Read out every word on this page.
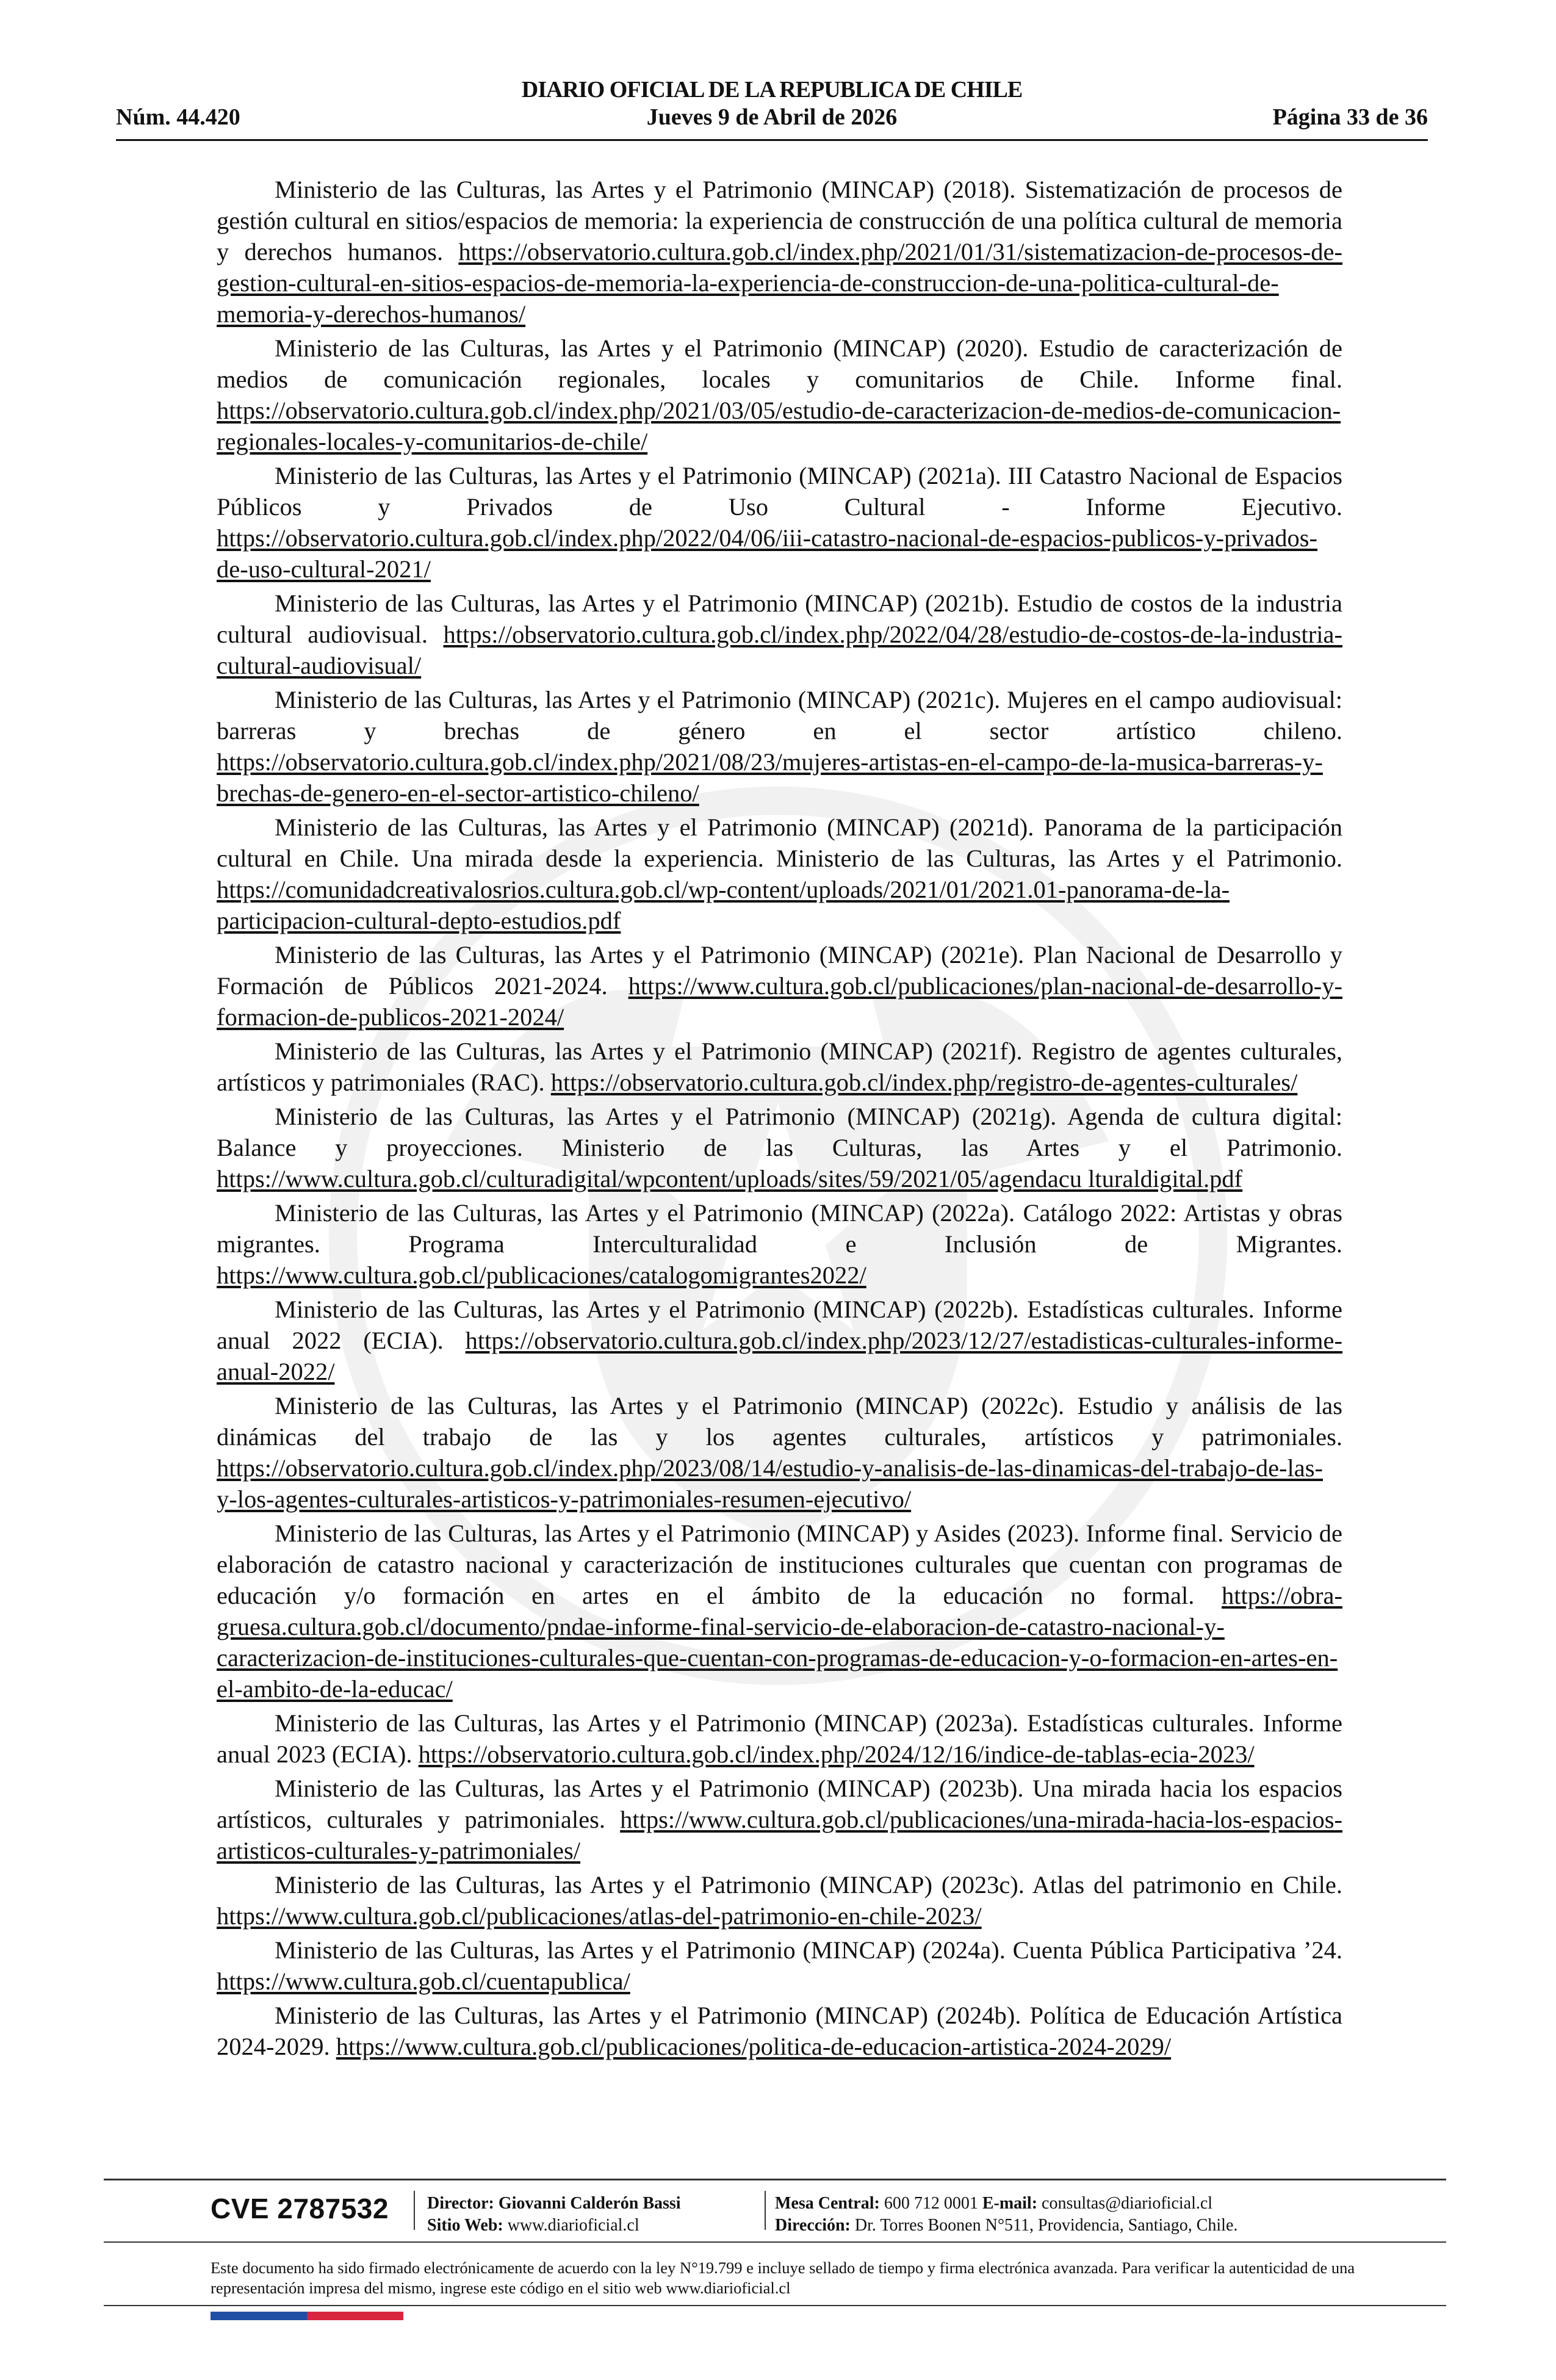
DIARIO OFICIAL DE LA REPUBLICA DE CHILE
Núm. 44.420	Jueves 9 de Abril de 2026	Página 33 de 36

Ministerio de las Culturas, las Artes y el Patrimonio (MINCAP) (2018). Sistematización de procesos de gestión cultural en sitios/espacios de memoria: la experiencia de construcción de una política cultural de memoria y derechos humanos. https://observatorio.cultura.gob.cl/index.php/2021/01/31/sistematizacion-de-procesos-de-gestion-cultural-en-sitios-espacios-de-memoria-la-experiencia-de-construccion-de-una-politica-cultural-de-memoria-y-derechos-humanos/

Ministerio de las Culturas, las Artes y el Patrimonio (MINCAP) (2020). Estudio de caracterización de medios de comunicación regionales, locales y comunitarios de Chile. Informe final. https://observatorio.cultura.gob.cl/index.php/2021/03/05/estudio-de-caracterizacion-de-medios-de-comunicacion-regionales-locales-y-comunitarios-de-chile/

Ministerio de las Culturas, las Artes y el Patrimonio (MINCAP) (2021a). III Catastro Nacional de Espacios Públicos y Privados de Uso Cultural - Informe Ejecutivo. https://observatorio.cultura.gob.cl/index.php/2022/04/06/iii-catastro-nacional-de-espacios-publicos-y-privados-de-uso-cultural-2021/

Ministerio de las Culturas, las Artes y el Patrimonio (MINCAP) (2021b). Estudio de costos de la industria cultural audiovisual. https://observatorio.cultura.gob.cl/index.php/2022/04/28/estudio-de-costos-de-la-industria-cultural-audiovisual/

Ministerio de las Culturas, las Artes y el Patrimonio (MINCAP) (2021c). Mujeres en el campo audiovisual: barreras y brechas de género en el sector artístico chileno. https://observatorio.cultura.gob.cl/index.php/2021/08/23/mujeres-artistas-en-el-campo-de-la-musica-barreras-y-brechas-de-genero-en-el-sector-artistico-chileno/

Ministerio de las Culturas, las Artes y el Patrimonio (MINCAP) (2021d). Panorama de la participación cultural en Chile. Una mirada desde la experiencia. Ministerio de las Culturas, las Artes y el Patrimonio. https://comunidadcreativalosrios.cultura.gob.cl/wp-content/uploads/2021/01/2021.01-panorama-de-la-participacion-cultural-depto-estudios.pdf

Ministerio de las Culturas, las Artes y el Patrimonio (MINCAP) (2021e). Plan Nacional de Desarrollo y Formación de Públicos 2021-2024. https://www.cultura.gob.cl/publicaciones/plan-nacional-de-desarrollo-y-formacion-de-publicos-2021-2024/

Ministerio de las Culturas, las Artes y el Patrimonio (MINCAP) (2021f). Registro de agentes culturales, artísticos y patrimoniales (RAC). https://observatorio.cultura.gob.cl/index.php/registro-de-agentes-culturales/

Ministerio de las Culturas, las Artes y el Patrimonio (MINCAP) (2021g). Agenda de cultura digital: Balance y proyecciones. Ministerio de las Culturas, las Artes y el Patrimonio. https://www.cultura.gob.cl/culturadigital/wpcontent/uploads/sites/59/2021/05/agendacu lturaldigital.pdf

Ministerio de las Culturas, las Artes y el Patrimonio (MINCAP) (2022a). Catálogo 2022: Artistas y obras migrantes. Programa Interculturalidad e Inclusión de Migrantes. https://www.cultura.gob.cl/publicaciones/catalogomigrantes2022/

Ministerio de las Culturas, las Artes y el Patrimonio (MINCAP) (2022b). Estadísticas culturales. Informe anual 2022 (ECIA). https://observatorio.cultura.gob.cl/index.php/2023/12/27/estadisticas-culturales-informe-anual-2022/

Ministerio de las Culturas, las Artes y el Patrimonio (MINCAP) (2022c). Estudio y análisis de las dinámicas del trabajo de las y los agentes culturales, artísticos y patrimoniales. https://observatorio.cultura.gob.cl/index.php/2023/08/14/estudio-y-analisis-de-las-dinamicas-del-trabajo-de-las-y-los-agentes-culturales-artisticos-y-patrimoniales-resumen-ejecutivo/

Ministerio de las Culturas, las Artes y el Patrimonio (MINCAP) y Asides (2023). Informe final. Servicio de elaboración de catastro nacional y caracterización de instituciones culturales que cuentan con programas de educación y/o formación en artes en el ámbito de la educación no formal. https://obra-gruesa.cultura.gob.cl/documento/pndae-informe-final-servicio-de-elaboracion-de-catastro-nacional-y-caracterizacion-de-instituciones-culturales-que-cuentan-con-programas-de-educacion-y-o-formacion-en-artes-en-el-ambito-de-la-educac/

Ministerio de las Culturas, las Artes y el Patrimonio (MINCAP) (2023a). Estadísticas culturales. Informe anual 2023 (ECIA). https://observatorio.cultura.gob.cl/index.php/2024/12/16/indice-de-tablas-ecia-2023/

Ministerio de las Culturas, las Artes y el Patrimonio (MINCAP) (2023b). Una mirada hacia los espacios artísticos, culturales y patrimoniales. https://www.cultura.gob.cl/publicaciones/una-mirada-hacia-los-espacios-artisticos-culturales-y-patrimoniales/

Ministerio de las Culturas, las Artes y el Patrimonio (MINCAP) (2023c). Atlas del patrimonio en Chile. https://www.cultura.gob.cl/publicaciones/atlas-del-patrimonio-en-chile-2023/

Ministerio de las Culturas, las Artes y el Patrimonio (MINCAP) (2024a). Cuenta Pública Participativa ’24. https://www.cultura.gob.cl/cuentapublica/

Ministerio de las Culturas, las Artes y el Patrimonio (MINCAP) (2024b). Política de Educación Artística 2024-2029. https://www.cultura.gob.cl/publicaciones/politica-de-educacion-artistica-2024-2029/

CVE 2787532 Director: Giovanni Calderón Bassi
Sitio Web: www.diarioficial.cl
Mesa Central: 600 712 0001 E-mail: consultas@diarioficial.cl
Dirección: Dr. Torres Boonen N°511, Providencia, Santiago, Chile.
Este documento ha sido firmado electrónicamente de acuerdo con la ley N°19.799 e incluye sellado de tiempo y firma electrónica avanzada. Para verificar la autenticidad de una representación impresa del mismo, ingrese este código en el sitio web www.diarioficial.cl
